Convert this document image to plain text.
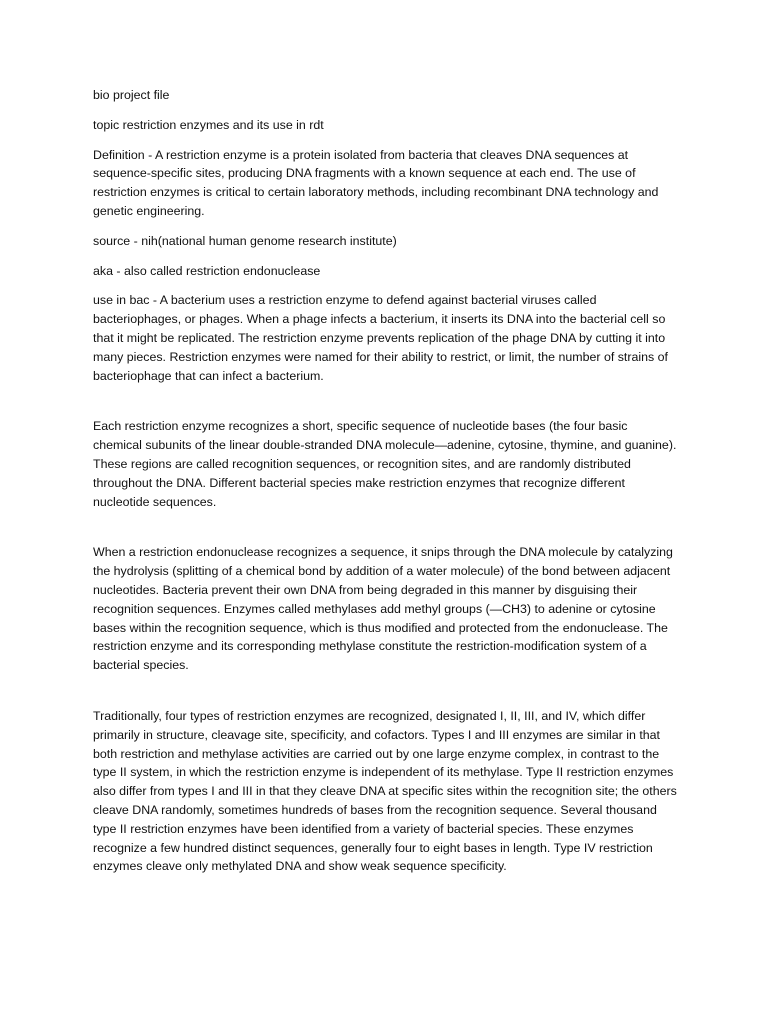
bio project file

topic restriction enzymes and its use in rdt

Definition - A restriction enzyme is a protein isolated from bacteria that cleaves DNA sequences at sequence-specific sites, producing DNA fragments with a known sequence at each end. The use of restriction enzymes is critical to certain laboratory methods, including recombinant DNA technology and genetic engineering.

source - nih(national human genome research institute)

aka - also called restriction endonuclease

use in bac - A bacterium uses a restriction enzyme to defend against bacterial viruses called bacteriophages, or phages. When a phage infects a bacterium, it inserts its DNA into the bacterial cell so that it might be replicated. The restriction enzyme prevents replication of the phage DNA by cutting it into many pieces. Restriction enzymes were named for their ability to restrict, or limit, the number of strains of bacteriophage that can infect a bacterium.

Each restriction enzyme recognizes a short, specific sequence of nucleotide bases (the four basic chemical subunits of the linear double-stranded DNA molecule—adenine, cytosine, thymine, and guanine). These regions are called recognition sequences, or recognition sites, and are randomly distributed throughout the DNA. Different bacterial species make restriction enzymes that recognize different nucleotide sequences.

When a restriction endonuclease recognizes a sequence, it snips through the DNA molecule by catalyzing the hydrolysis (splitting of a chemical bond by addition of a water molecule) of the bond between adjacent nucleotides. Bacteria prevent their own DNA from being degraded in this manner by disguising their recognition sequences. Enzymes called methylases add methyl groups (—CH3) to adenine or cytosine bases within the recognition sequence, which is thus modified and protected from the endonuclease. The restriction enzyme and its corresponding methylase constitute the restriction-modification system of a bacterial species.

Traditionally, four types of restriction enzymes are recognized, designated I, II, III, and IV, which differ primarily in structure, cleavage site, specificity, and cofactors. Types I and III enzymes are similar in that both restriction and methylase activities are carried out by one large enzyme complex, in contrast to the type II system, in which the restriction enzyme is independent of its methylase. Type II restriction enzymes also differ from types I and III in that they cleave DNA at specific sites within the recognition site; the others cleave DNA randomly, sometimes hundreds of bases from the recognition sequence. Several thousand type II restriction enzymes have been identified from a variety of bacterial species. These enzymes recognize a few hundred distinct sequences, generally four to eight bases in length. Type IV restriction enzymes cleave only methylated DNA and show weak sequence specificity.
